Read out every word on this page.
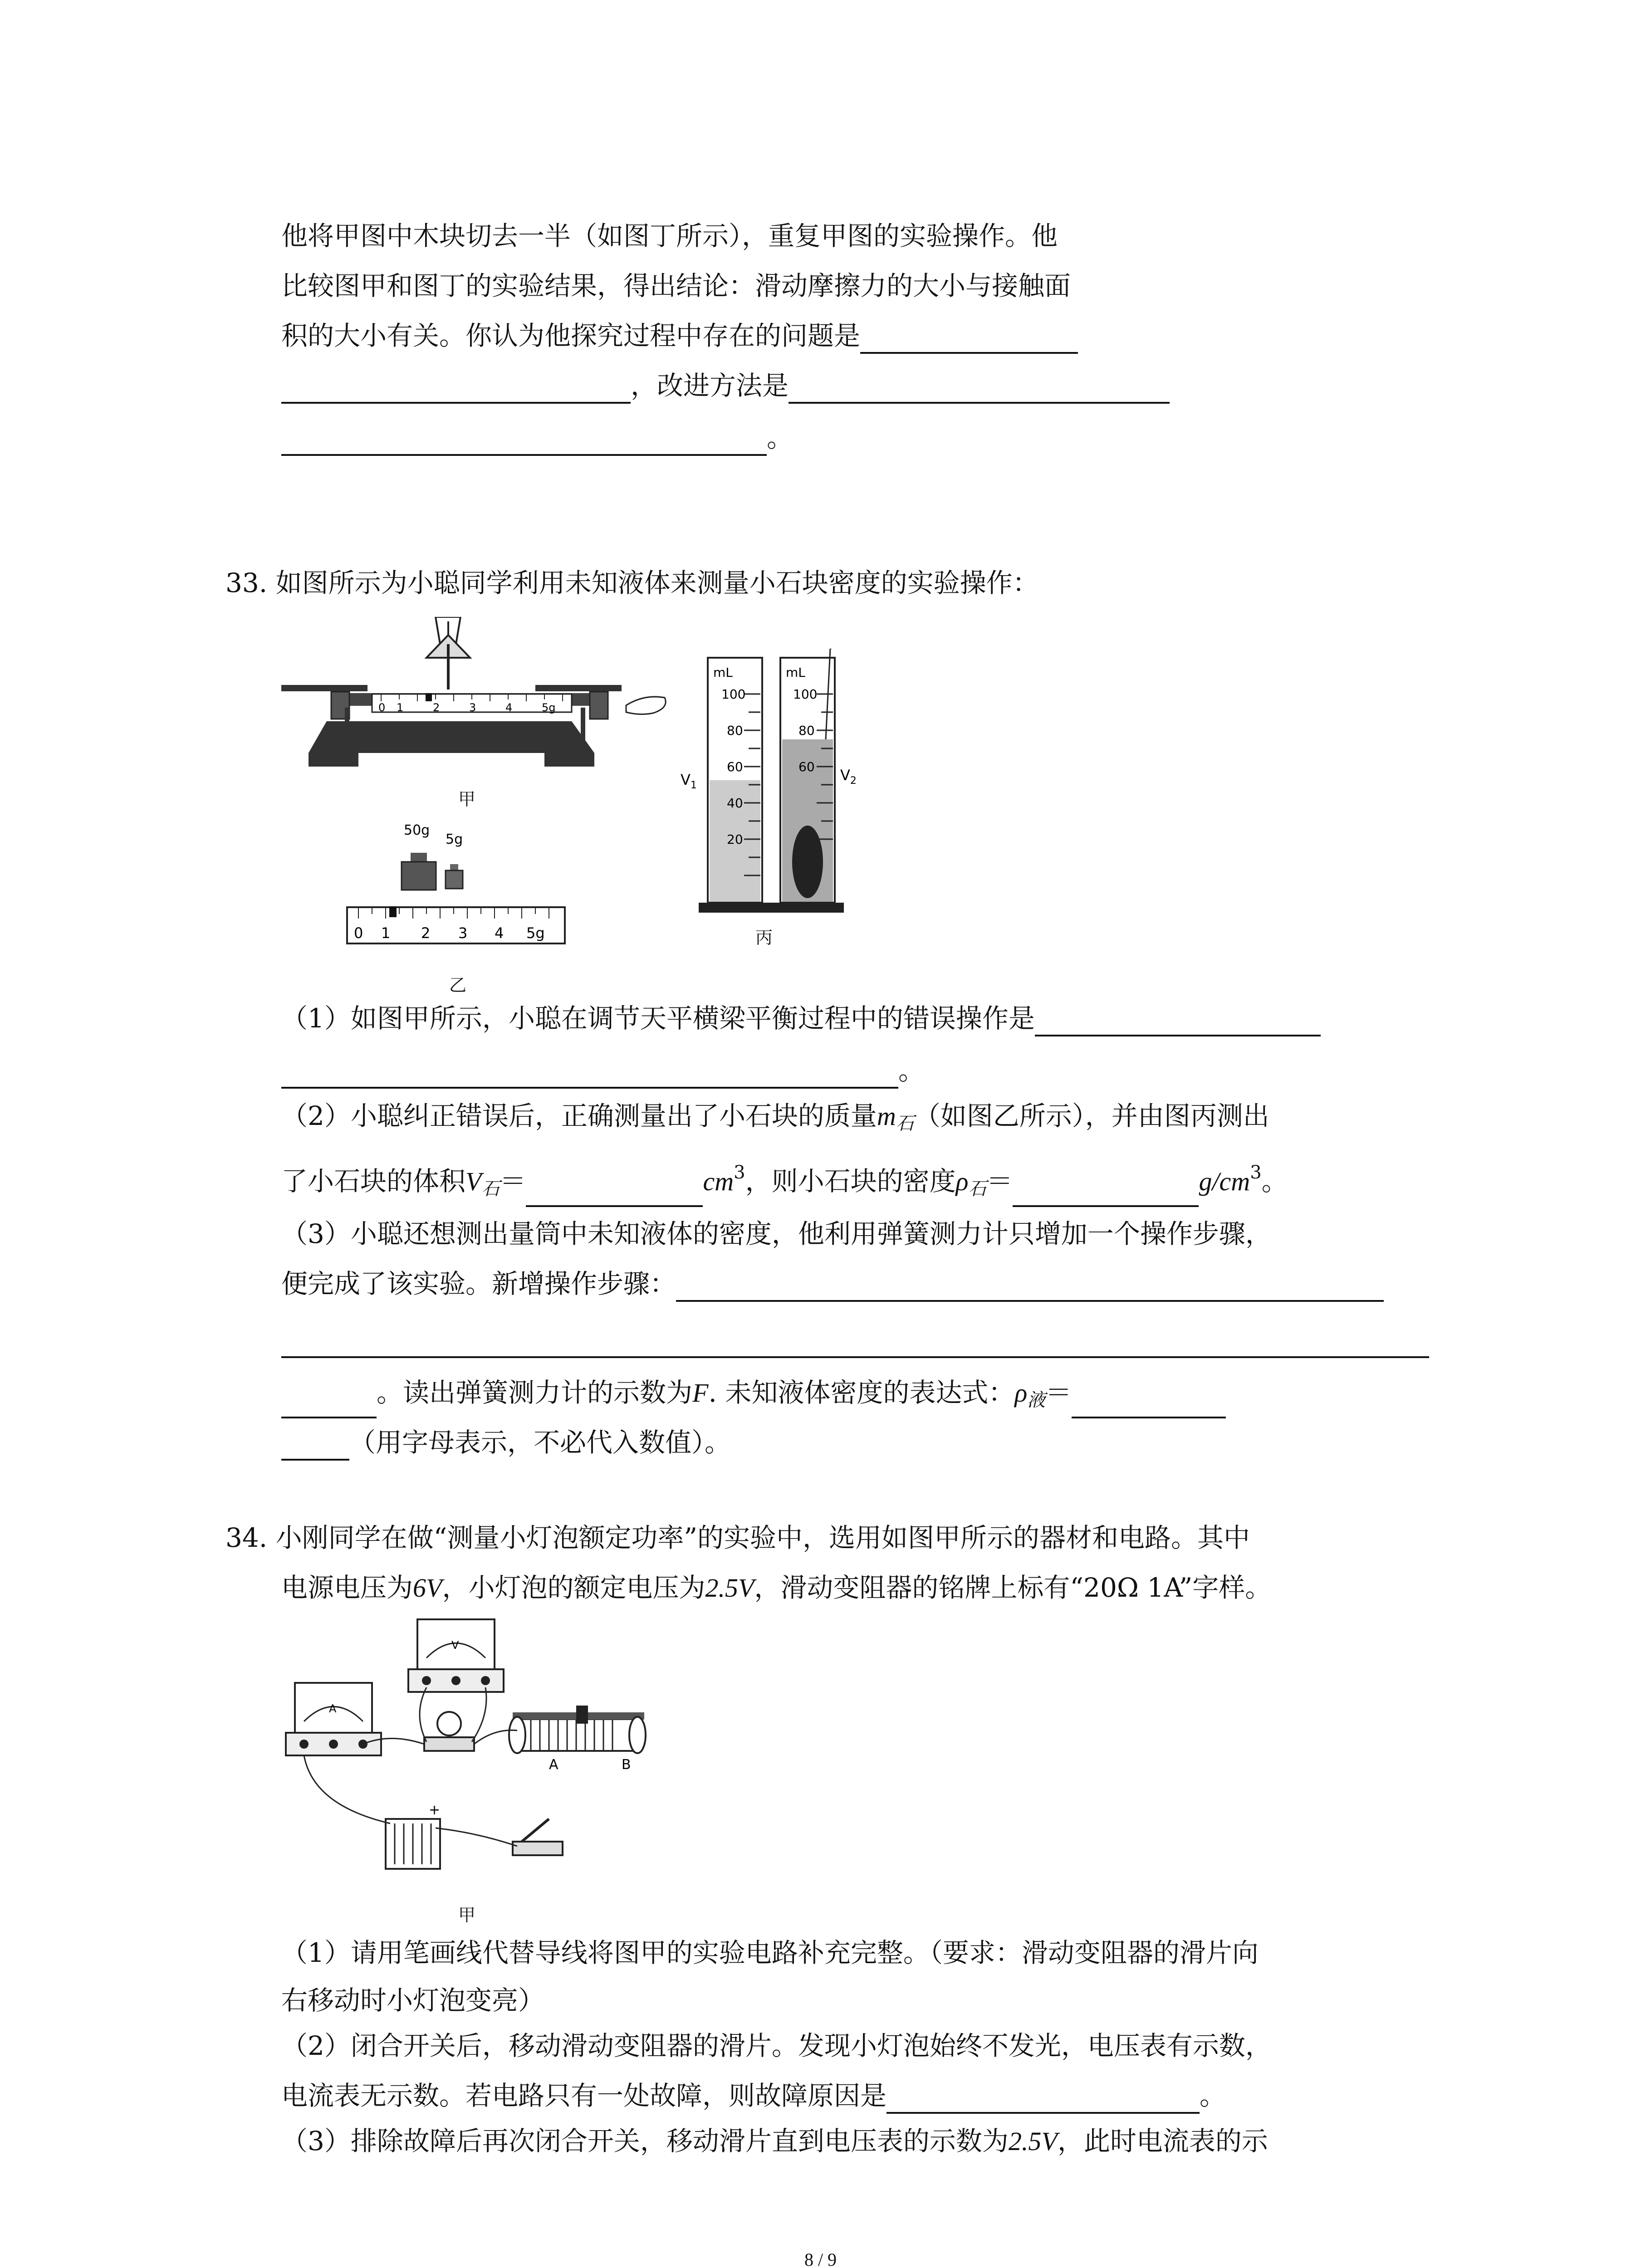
他将甲图中木块切去一半（如图丁所示），重复甲图的实验操作。他
比较图甲和图丁的实验结果，得出结论：滑动摩擦力的大小与接触面
积的大小有关。你认为他探究过程中存在的问题是
，改进方法是
。
33. 如图所示为小聪同学利用未知液体来测量小石块密度的实验操作：
0 1	2	3	4	5g
甲
50g
5g
0 1 2 3 4 5g
乙
mL
100
80
60
40
20
$V_1$
mL
100
80
60 $V_2$
丙
（1）如图甲所示，小聪在调节天平横梁平衡过程中的错误操作是
。
（2）小聪纠正错误后，正确测量出了小石块的质量$m_石$（如图乙所示），并由图丙测出
了小石块的体积$V_石=$	$cm^3$，则小石块的密度$\rho_石=$	$g/cm^3$。
（3）小聪还想测出量筒中未知液体的密度，他利用弹簧测力计只增加一个操作步骤，
便完成了该实验。新增操作步骤：
。读出弹簧测力计的示数为F. 未知液体密度的表达式：$\rho_液=$
（用字母表示，不必代入数值）。
34. 小刚同学在做“测量小灯泡额定功率”的实验中，选用如图甲所示的器材和电路。其中
电源电压为6V，小灯泡的额定电压为2.5V，滑动变阻器的铭牌上标有“20Ω 1A”字样。
A
V
A	B
+
甲
（1）请用笔画线代替导线将图甲的实验电路补充完整。（要求：滑动变阻器的滑片向
右移动时小灯泡变亮）
（2）闭合开关后，移动滑动变阻器的滑片。发现小灯泡始终不发光，电压表有示数，
电流表无示数。若电路只有一处故障，则故障原因是	。
（3）排除故障后再次闭合开关，移动滑片直到电压表的示数为2.5V，此时电流表的示
8 / 9
